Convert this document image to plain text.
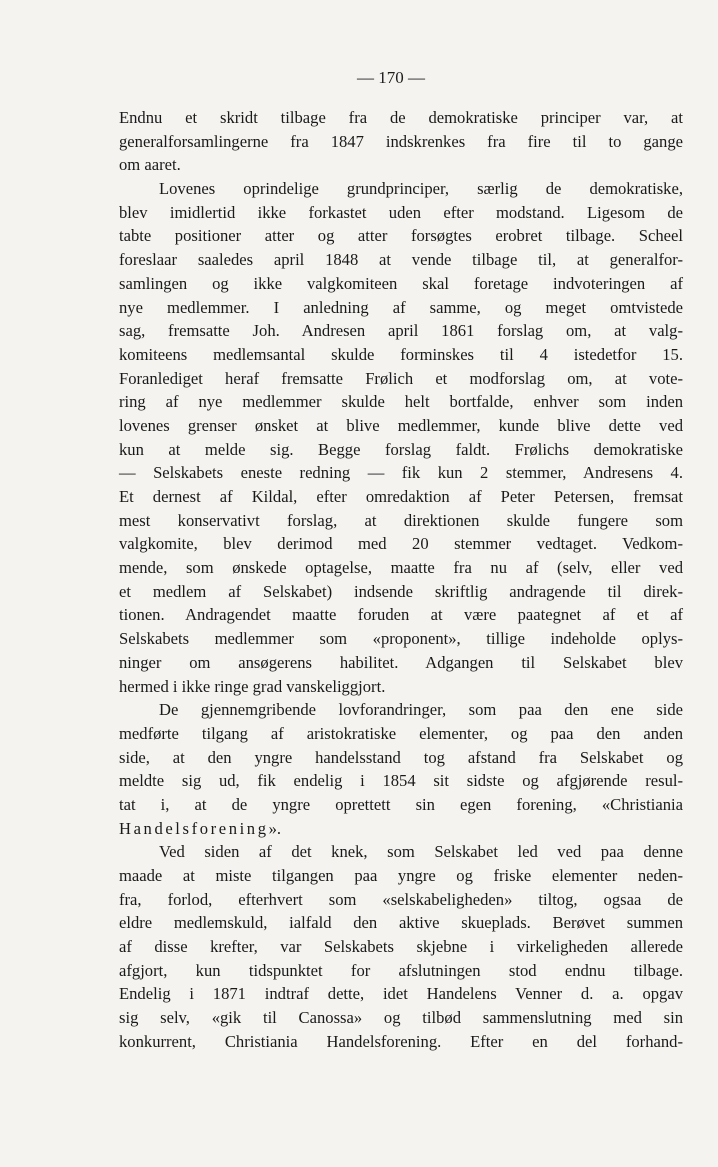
— 170 —
Endnu et skridt tilbage fra de demokratiske principer var, at
generalforsamlingerne fra 1847 indskrenkes fra fire til to gange
om aaret.
Lovenes oprindelige grundprinciper, særlig de demokratiske,
blev imidlertid ikke forkastet uden efter modstand. Ligesom de
tabte positioner atter og atter forsøgtes erobret tilbage. Scheel
foreslaar saaledes april 1848 at vende tilbage til, at generalfor-
samlingen og ikke valgkomiteen skal foretage indvoteringen af
nye medlemmer. I anledning af samme, og meget omtvistede
sag, fremsatte Joh. Andresen april 1861 forslag om, at valg-
komiteens medlemsantal skulde forminskes til 4 istedetfor 15.
Foranlediget heraf fremsatte Frølich et modforslag om, at vote-
ring af nye medlemmer skulde helt bortfalde, enhver som inden
lovenes grenser ønsket at blive medlemmer, kunde blive dette ved
kun at melde sig. Begge forslag faldt. Frølichs demokratiske
— Selskabets eneste redning — fik kun 2 stemmer, Andresens 4.
Et dernest af Kildal, efter omredaktion af Peter Petersen, fremsat
mest konservativt forslag, at direktionen skulde fungere som
valgkomite, blev derimod med 20 stemmer vedtaget. Vedkom-
mende, som ønskede optagelse, maatte fra nu af (selv, eller ved
et medlem af Selskabet) indsende skriftlig andragende til direk-
tionen. Andragendet maatte foruden at være paategnet af et af
Selskabets medlemmer som «proponent», tillige indeholde oplys-
ninger om ansøgerens habilitet. Adgangen til Selskabet blev
hermed i ikke ringe grad vanskeliggjort.
De gjennemgribende lovforandringer, som paa den ene side
medførte tilgang af aristokratiske elementer, og paa den anden
side, at den yngre handelsstand tog afstand fra Selskabet og
meldte sig ud, fik endelig i 1854 sit sidste og afgjørende resul-
tat i, at de yngre oprettett sin egen forening, «Christiania
Handelsforening».
Ved siden af det knek, som Selskabet led ved paa denne
maade at miste tilgangen paa yngre og friske elementer neden-
fra, forlod, efterhvert som «selskabeligheden» tiltog, ogsaa de
eldre medlemskuld, ialfald den aktive skueplads. Berøvet summen
af disse krefter, var Selskabets skjebne i virkeligheden allerede
afgjort, kun tidspunktet for afslutningen stod endnu tilbage.
Endelig i 1871 indtraf dette, idet Handelens Venner d. a. opgav
sig selv, «gik til Canossa» og tilbød sammenslutning med sin
konkurrent, Christiania Handelsforening. Efter en del forhand-
